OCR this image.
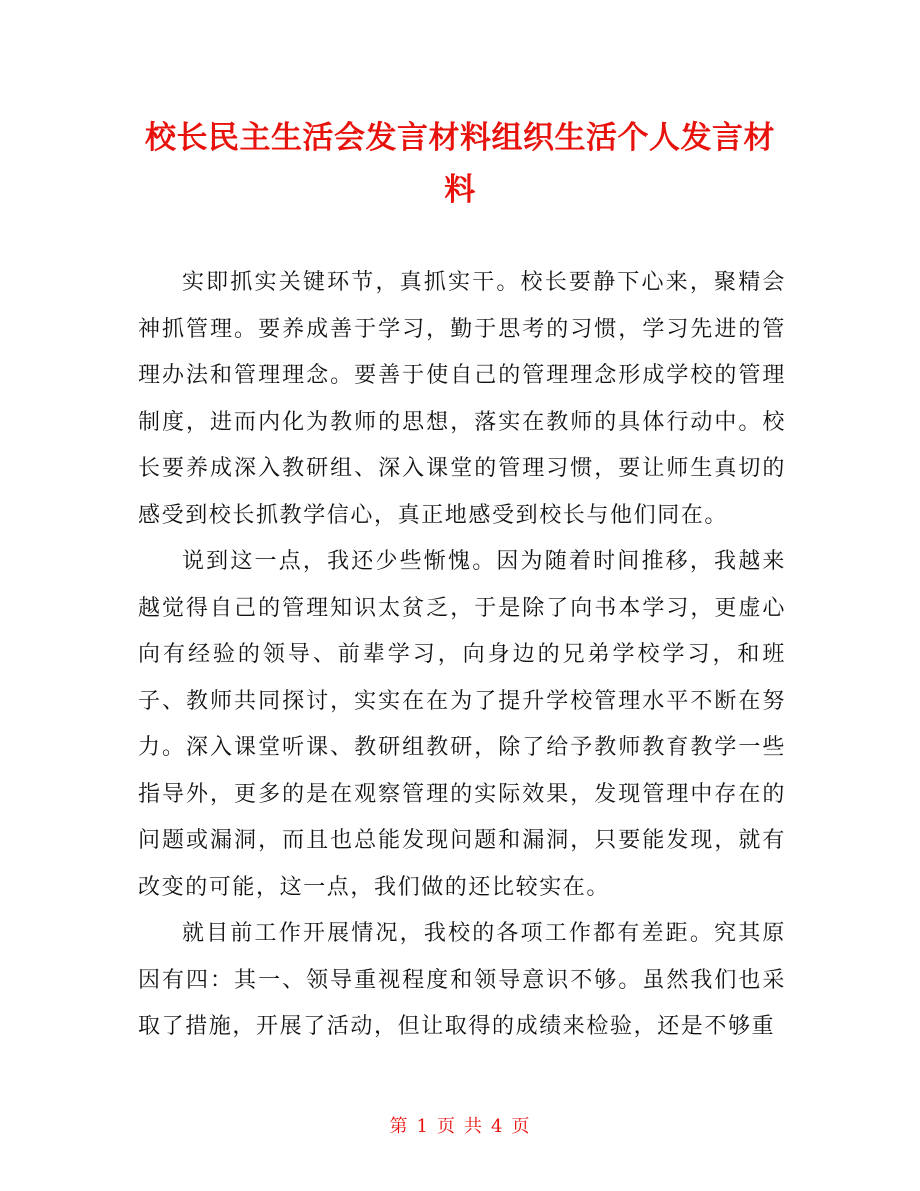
校长民主生活会发言材料组织生活个人发言材料

实即抓实关键环节，真抓实干。校长要静下心来，聚精会神抓管理。要养成善于学习，勤于思考的习惯，学习先进的管理办法和管理理念。要善于使自己的管理理念形成学校的管理制度，进而内化为教师的思想，落实在教师的具体行动中。校长要养成深入教研组、深入课堂的管理习惯，要让师生真切的感受到校长抓教学信心，真正地感受到校长与他们同在。

说到这一点，我还少些惭愧。因为随着时间推移，我越来越觉得自己的管理知识太贫乏，于是除了向书本学习，更虚心向有经验的领导、前辈学习，向身边的兄弟学校学习，和班子、教师共同探讨，实实在在为了提升学校管理水平不断在努力。深入课堂听课、教研组教研，除了给予教师教育教学一些指导外，更多的是在观察管理的实际效果，发现管理中存在的问题或漏洞，而且也总能发现问题和漏洞，只要能发现，就有改变的可能，这一点，我们做的还比较实在。

就目前工作开展情况，我校的各项工作都有差距。究其原因有四：其一、领导重视程度和领导意识不够。虽然我们也采取了措施，开展了活动，但让取得的成绩来检验，还是不够重

第 1 页 共 4 页
